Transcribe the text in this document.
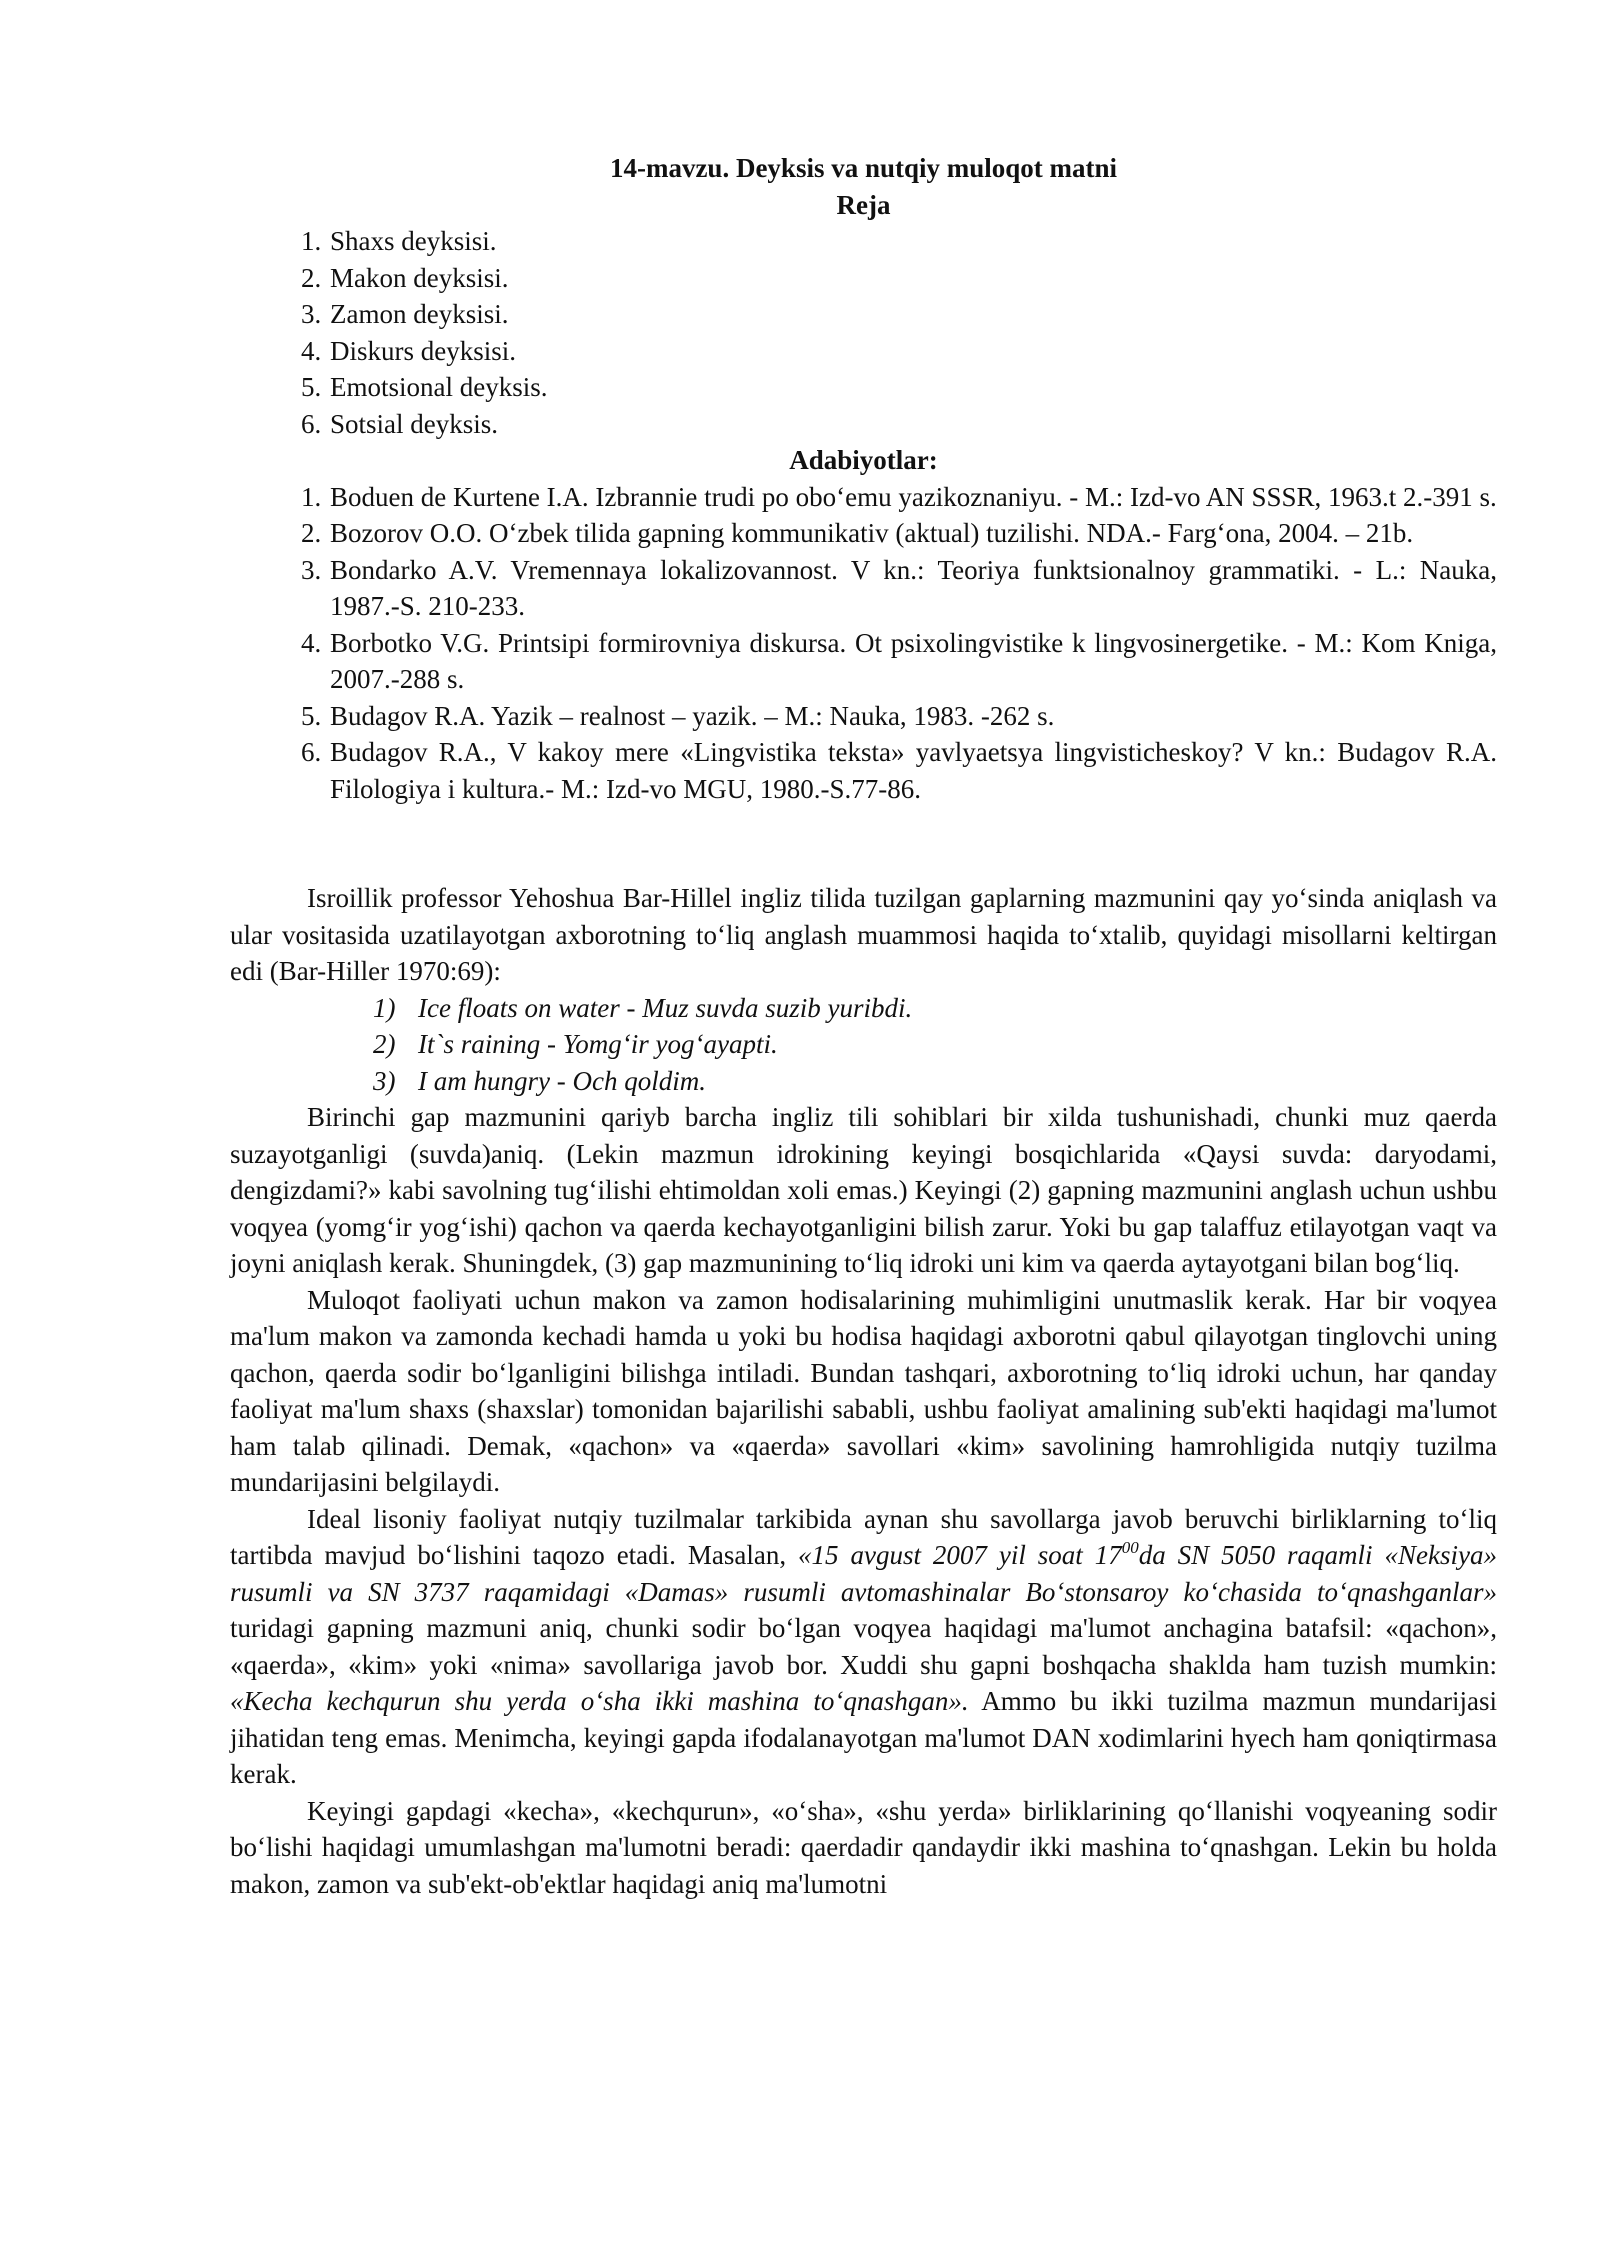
14-mavzu. Deyksis va nutqiy muloqot matni
Reja
1. Shaxs deyksisi.
2. Makon deyksisi.
3. Zamon deyksisi.
4. Diskurs deyksisi.
5. Emotsional deyksis.
6. Sotsial deyksis.
Adabiyotlar:
1. Boduen de Kurtene I.A. Izbrannie trudi po obo‘emu yazikoznaniyu. - M.: Izd-vo AN SSSR, 1963.t 2.-391 s.
2. Bozorov O.O. O‘zbek tilida gapning kommunikativ (aktual) tuzilishi. NDA.- Farg‘ona, 2004. – 21b.
3. Bondarko A.V. Vremennaya lokalizovannost. V kn.: Teoriya funktsionalnoy grammatiki. - L.: Nauka, 1987.-S. 210-233.
4. Borbotko V.G. Printsipi formirovniya diskursa. Ot psixolingvistike k lingvosinergetike. - M.: Kom Kniga, 2007.-288 s.
5. Budagov R.A. Yazik – realnost – yazik. – M.: Nauka, 1983. -262 s.
6. Budagov R.A., V kakoy mere «Lingvistika teksta» yavlyaetsya lingvisticheskoy? V kn.: Budagov R.A. Filologiya i kultura.- M.: Izd-vo MGU, 1980.-S.77-86.

Isroillik professor Yehoshua Bar-Hillel ingliz tilida tuzilgan gaplarning mazmunini qay yo‘sinda aniqlash va ular vositasida uzatilayotgan axborotning to‘liq anglash muammosi haqida to‘xtalib, quyidagi misollarni keltirgan edi (Bar-Hiller 1970:69):

1) Ice floats on water - Muz suvda suzib yuribdi.
2) It`s raining - Yomg‘ir yog‘ayapti.
3) I am hungry - Och qoldim.

Birinchi gap mazmunini qariyb barcha ingliz tili sohiblari bir xilda tushunishadi, chunki muz qaerda suzayotganligi (suvda)aniq. (Lekin mazmun idrokining keyingi bosqichlarida «Qaysi suvda: daryodami, dengizdami?» kabi savolning tug‘ilishi ehtimoldan xoli emas.) Keyingi (2) gapning mazmunini anglash uchun ushbu voqyea (yomg‘ir yog‘ishi) qachon va qaerda kechayotganligini bilish zarur. Yoki bu gap talaffuz etilayotgan vaqt va joyni aniqlash kerak. Shuningdek, (3) gap mazmunining to‘liq idroki uni kim va qaerda aytayotgani bilan bog‘liq.

Muloqot faoliyati uchun makon va zamon hodisalarining muhimligini unutmaslik kerak. Har bir voqyea ma'lum makon va zamonda kechadi hamda u yoki bu hodisa haqidagi axborotni qabul qilayotgan tinglovchi uning qachon, qaerda sodir bo‘lganligini bilishga intiladi. Bundan tashqari, axborotning to‘liq idroki uchun, har qanday faoliyat ma'lum shaxs (shaxslar) tomonidan bajarilishi sababli, ushbu faoliyat amalining sub'ekti haqidagi ma'lumot ham talab qilinadi. Demak, «qachon» va «qaerda» savollari «kim» savolining hamrohligida nutqiy tuzilma mundarijasini belgilaydi.

Ideal lisoniy faoliyat nutqiy tuzilmalar tarkibida aynan shu savollarga javob beruvchi birliklarning to‘liq tartibda mavjud bo‘lishini taqozo etadi. Masalan, «15 avgust 2007 yil soat $17^{00}da$ SN 5050 raqamli «Neksiya» rusumli va SN 3737 raqamidagi «Damas» rusumli avtomashinalar Bo‘stonsaroy ko‘chasida to‘qnashganlar» turidagi gapning mazmuni aniq, chunki sodir bo‘lgan voqyea haqidagi ma'lumot anchagina batafsil: «qachon», «qaerda», «kim» yoki «nima» savollariga javob bor. Xuddi shu gapni boshqacha shaklda ham tuzish mumkin: «Kecha kechqurun shu yerda o‘sha ikki mashina to‘qnashgan». Ammo bu ikki tuzilma mazmun mundarijasi jihatidan teng emas. Menimcha, keyingi gapda ifodalanayotgan ma'lumot DAN xodimlarini hyech ham qoniqtirmasa kerak.

Keyingi gapdagi «kecha», «kechqurun», «o‘sha», «shu yerda» birliklarining qo‘llanishi voqyeaning sodir bo‘lishi haqidagi umumlashgan ma'lumotni beradi: qaerdadir qandaydir ikki mashina to‘qnashgan. Lekin bu holda makon, zamon va sub'ekt-ob'ektlar haqidagi aniq ma'lumotni
